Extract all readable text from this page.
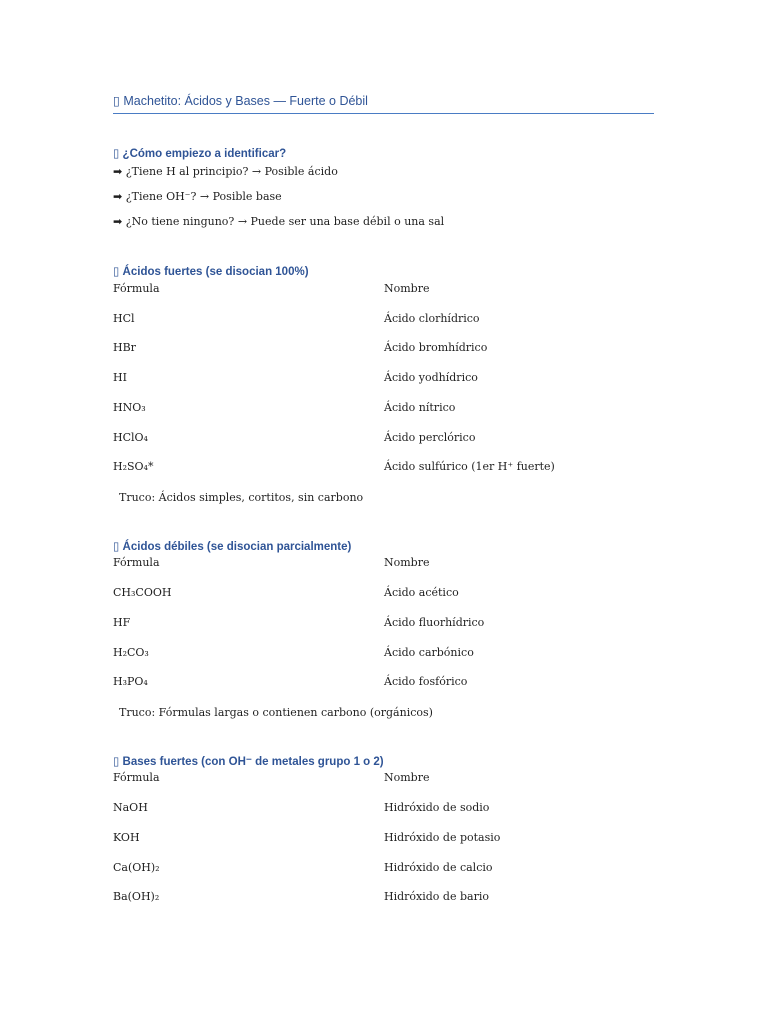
▯ Machetito: Ácidos y Bases — Fuerte o Débil
▯ ¿Cómo empiezo a identificar?
➡ ¿Tiene H al principio? → Posible ácido
➡ ¿Tiene OH⁻? → Posible base
➡ ¿No tiene ninguno? → Puede ser una base débil o una sal
▯ Ácidos fuertes (se disocian 100%)
Fórmula	Nombre
HCl	Ácido clorhídrico
HBr	Ácido bromhídrico
HI	Ácido yodhídrico
HNO₃	Ácido nítrico
HClO₄	Ácido perclórico
H₂SO₄*	Ácido sulfúrico (1er H⁺ fuerte)
Truco: Ácidos simples, cortitos, sin carbono
▯ Ácidos débiles (se disocian parcialmente)
Fórmula	Nombre
CH₃COOH	Ácido acético
HF	Ácido fluorhídrico
H₂CO₃	Ácido carbónico
H₃PO₄	Ácido fosfórico
Truco: Fórmulas largas o contienen carbono (orgánicos)
▯ Bases fuertes (con OH⁻ de metales grupo 1 o 2)
Fórmula	Nombre
NaOH	Hidróxido de sodio
KOH	Hidróxido de potasio
Ca(OH)₂	Hidróxido de calcio
Ba(OH)₂	Hidróxido de bario
